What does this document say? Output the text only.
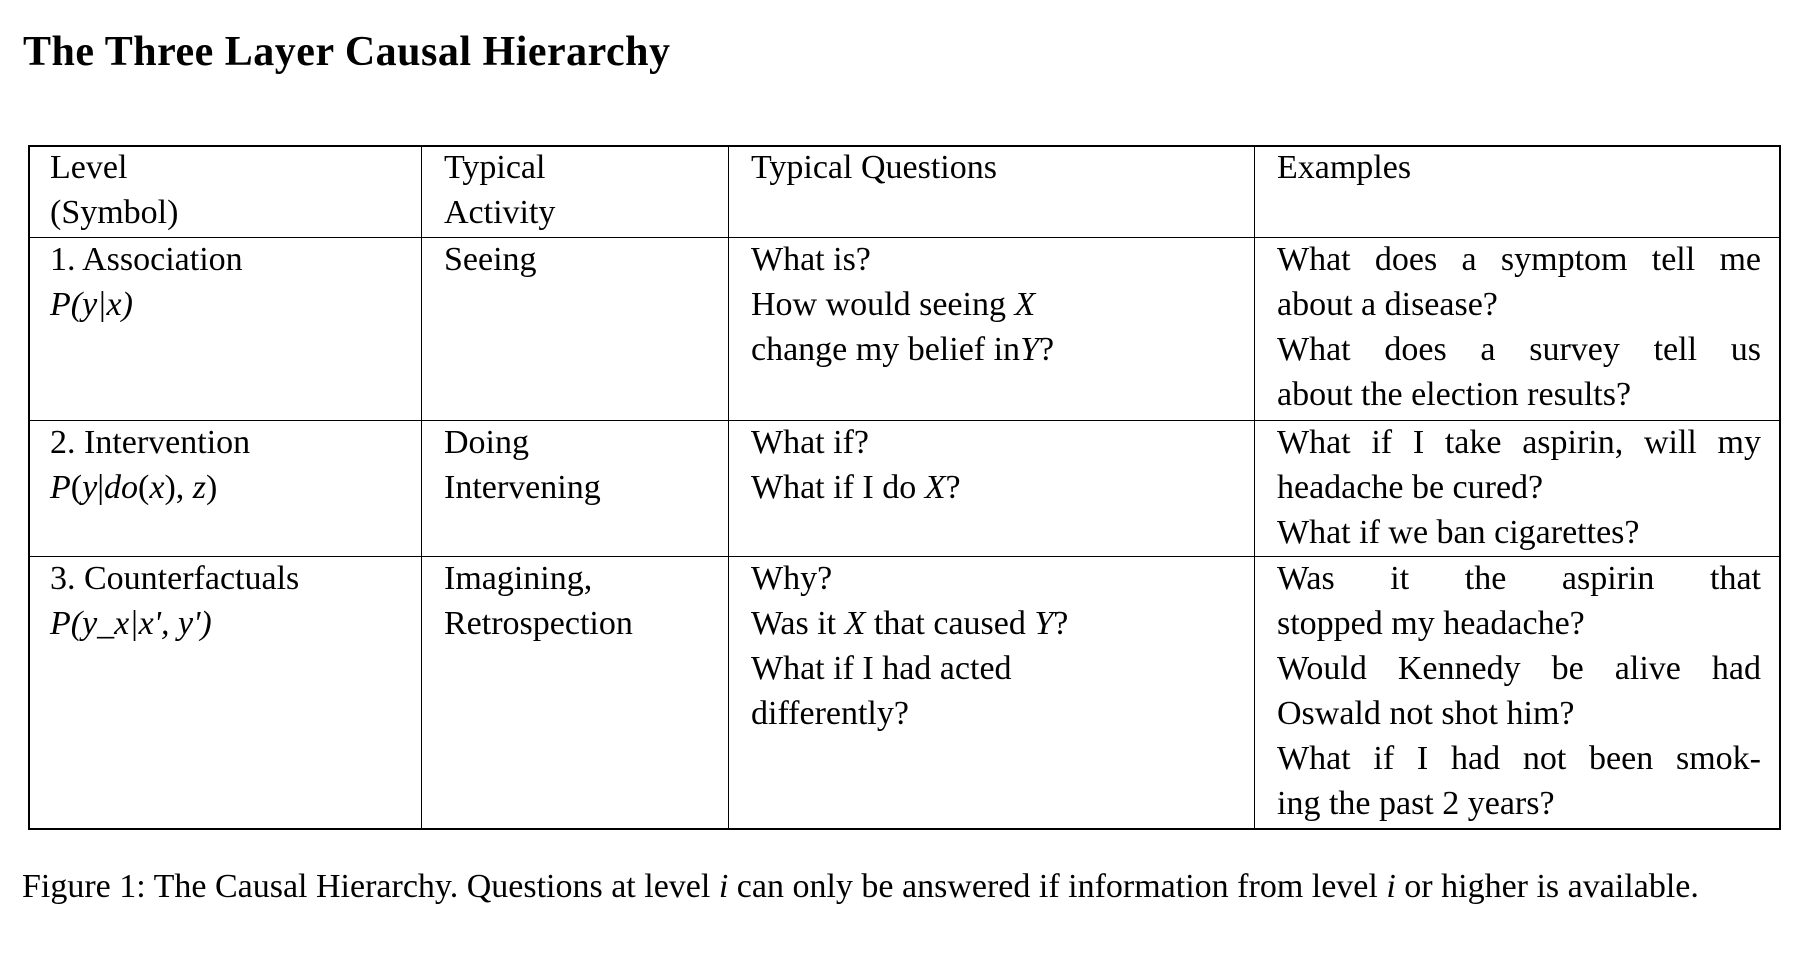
The Three Layer Causal Hierarchy
Level
(Symbol)
Typical
Activity
Typical Questions	Examples
1. Association
P(y|x)
Seeing	What is?
How would seeing X
change my belief inY?
What does a symptom tell me
about a disease?
What does a survey tell us
about the election results?
2. Intervention
P(y|do(x), z)
Doing
Intervening
What if?
What if I do X?
What if I take aspirin, will my
headache be cured?
What if we ban cigarettes?
3. Counterfactuals
P(y_x|x', y')
Imagining,
Retrospection
Why?
Was it X that caused Y?
What if I had acted
differently?
Was it the aspirin that
stopped my headache?
Would Kennedy be alive had
Oswald not shot him?
What if I had not been smok-
ing the past 2 years?
Figure 1: The Causal Hierarchy. Questions at level i can only be answered if information from level i or higher is available.
